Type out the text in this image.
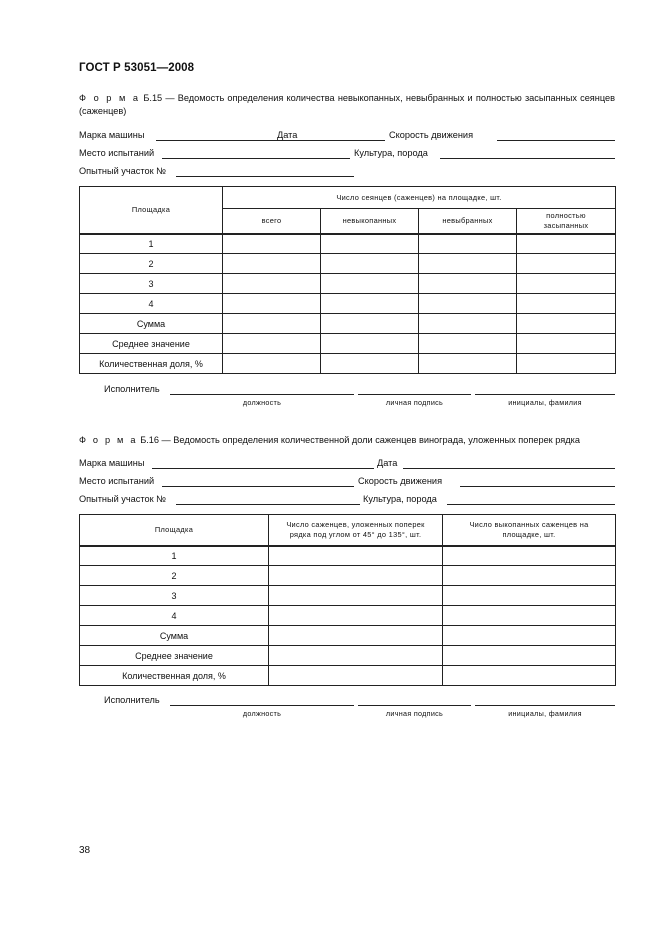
ГОСТ Р 53051—2008
Ф о р м а Б.15 — Ведомость определения количества невыкопанных, невыбранных и полностью засыпанных сеянцев (саженцев)
Марка машины	Дата	Скорость движения
Место испытаний	Культура, порода
Опытный участок №
Площадка	Число сеянцев (саженцев) на площадке, шт.			
	всего	невыкопанных	невыбранных	полностью засыпанных
1				
2				
3				
4				
Сумма				
Среднее значение				
Количественная доля, %				
Исполнитель
должность	личная подпись	инициалы, фамилия
Ф о р м а Б.16 — Ведомость определения количественной доли саженцев винограда, уложенных поперек рядка
Марка машины	Дата
Место испытаний	Скорость движения
Опытный участок №	Культура, порода
Площадка	Число саженцев, уложенных поперек рядка под углом от 45° до 135°, шт.	Число выкопанных саженцев на площадке, шт.
1		
2		
3		
4		
Сумма		
Среднее значение		
Количественная доля, %		
Исполнитель
должность	личная подпись	инициалы, фамилия
38
